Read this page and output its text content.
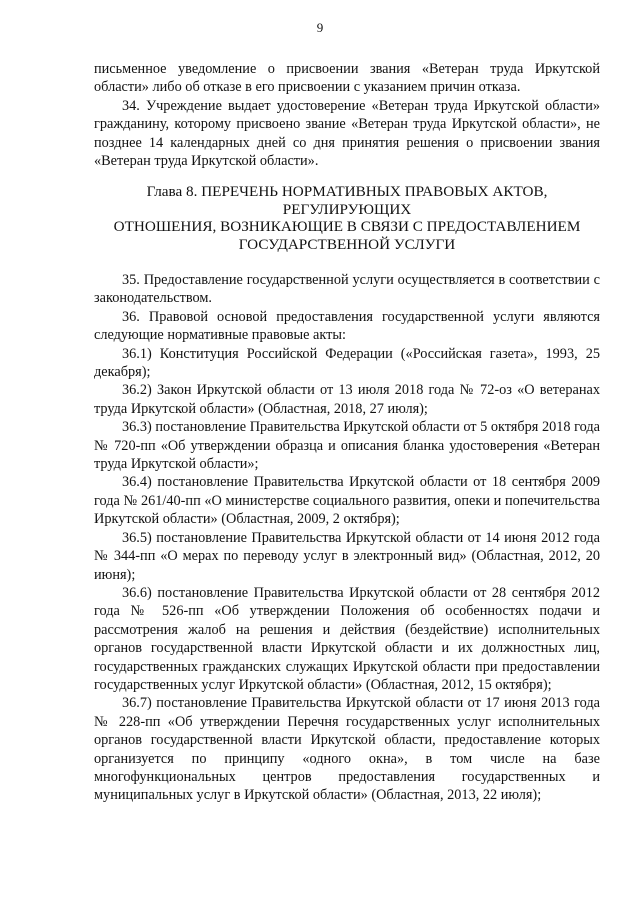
9

письменное уведомление о присвоении звания «Ветеран труда Иркутской области» либо об отказе в его присвоении с указанием причин отказа.

34. Учреждение выдает удостоверение «Ветеран труда Иркутской области» гражданину, которому присвоено звание «Ветеран труда Иркутской области», не позднее 14 календарных дней со дня принятия решения о присвоении звания «Ветеран труда Иркутской области».

Глава 8. ПЕРЕЧЕНЬ НОРМАТИВНЫХ ПРАВОВЫХ АКТОВ,
РЕГУЛИРУЮЩИХ
ОТНОШЕНИЯ, ВОЗНИКАЮЩИЕ В СВЯЗИ С ПРЕДОСТАВЛЕНИЕМ
ГОСУДАРСТВЕННОЙ УСЛУГИ

35. Предоставление государственной услуги осуществляется в соответствии с законодательством.

36. Правовой основой предоставления государственной услуги являются следующие нормативные правовые акты:

36.1) Конституция Российской Федерации («Российская газета», 1993, 25 декабря);

36.2) Закон Иркутской области от 13 июля 2018 года № 72-оз «О ветеранах труда Иркутской области» (Областная, 2018, 27 июля);

36.3) постановление Правительства Иркутской области от 5 октября 2018 года № 720-пп «Об утверждении образца и описания бланка удостоверения «Ветеран труда Иркутской области»;

36.4) постановление Правительства Иркутской области от 18 сентября 2009 года № 261/40-пп «О министерстве социального развития, опеки и попечительства Иркутской области» (Областная, 2009, 2 октября);

36.5) постановление Правительства Иркутской области от 14 июня 2012 года № 344-пп «О мерах по переводу услуг в электронный вид» (Областная, 2012, 20 июня);

36.6) постановление Правительства Иркутской области от 28 сентября 2012 года № 526-пп «Об утверждении Положения об особенностях подачи и рассмотрения жалоб на решения и действия (бездействие) исполнительных органов государственной власти Иркутской области и их должностных лиц, государственных гражданских служащих Иркутской области при предоставлении государственных услуг Иркутской области» (Областная, 2012, 15 октября);

36.7) постановление Правительства Иркутской области от 17 июня 2013 года № 228-пп «Об утверждении Перечня государственных услуг исполнительных органов государственной власти Иркутской области, предоставление которых организуется по принципу «одного окна», в том числе на базе многофункциональных центров предоставления государственных и муниципальных услуг в Иркутской области» (Областная, 2013, 22 июля);
